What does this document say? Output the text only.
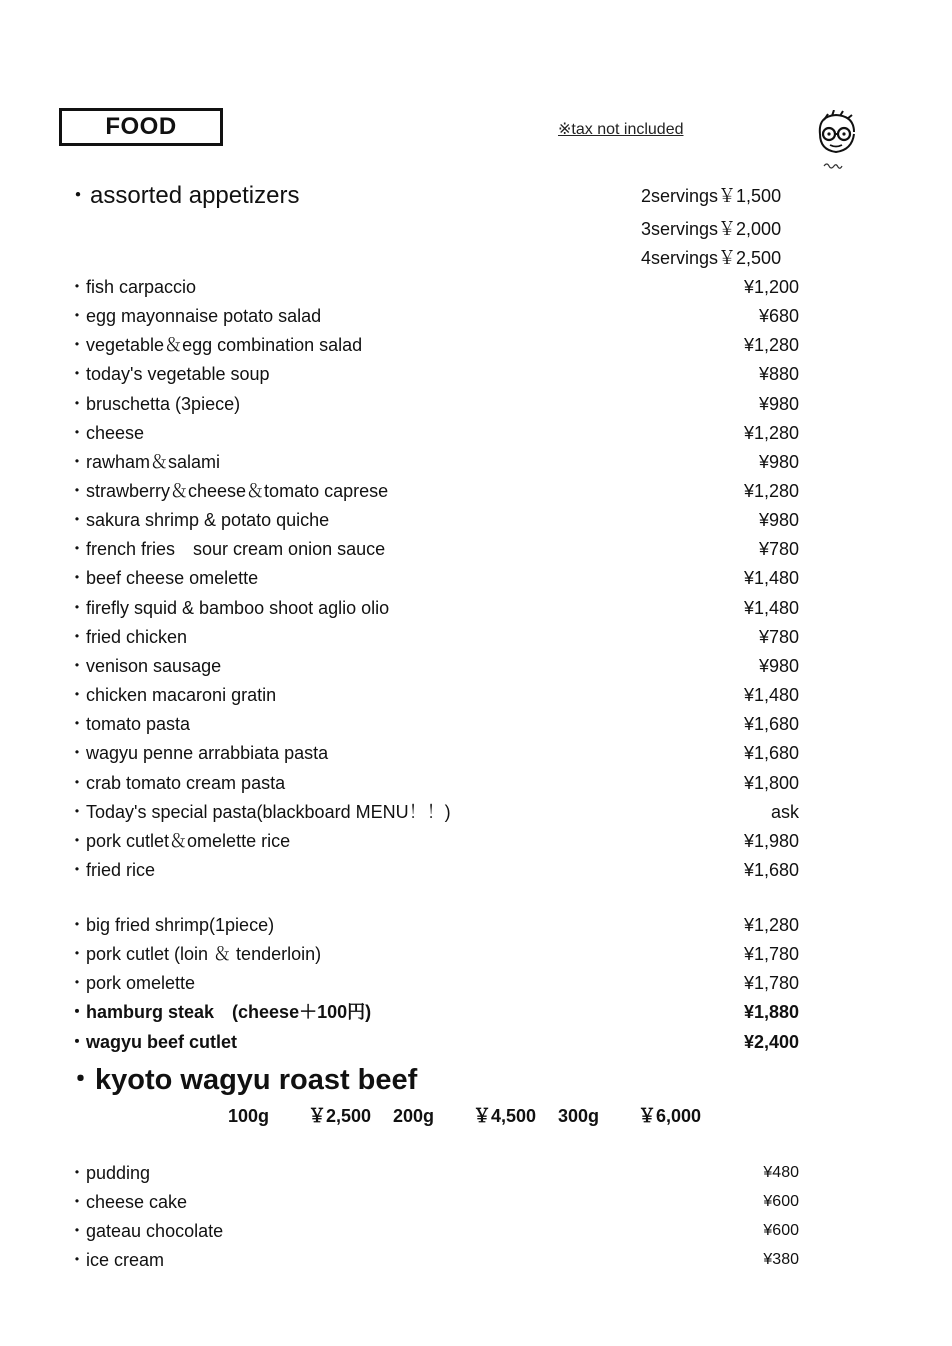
FOOD	※tax not included
・assorted appetizers	2servings￥1,500
3servings￥2,000
4servings￥2,500
・fish carpaccio	¥1,200
・egg mayonnaise potato salad	¥680
・vegetable＆egg combination salad	¥1,280
・today's vegetable soup	¥880
・bruschetta (3piece)	¥980
・cheese	¥1,280
・rawham＆salami	¥980
・strawberry＆cheese＆tomato caprese	¥1,280
・sakura shrimp & potato quiche	¥980
・french fries　sour cream onion sauce	¥780
・beef cheese omelette	¥1,480
・firefly squid & bamboo shoot aglio olio	¥1,480
・fried chicken	¥780
・venison sausage	¥980
・chicken macaroni gratin	¥1,480
・tomato pasta	¥1,680
・wagyu penne arrabbiata pasta	¥1,680
・crab tomato cream pasta	¥1,800
・Today's special pasta(blackboard MENU！！)	ask
・pork cutlet＆omelette rice	¥1,980
・fried rice	¥1,680
・big fried shrimp(1piece)	¥1,280
・pork cutlet (loin ＆ tenderloin)	¥1,780
・pork omelette	¥1,780
・hamburg steak　(cheese＋100円)	¥1,880
・wagyu beef cutlet	¥2,400
・kyoto wagyu roast beef
100g ￥2,500 200g ￥4,500 300g ￥6,000
・pudding	¥480
・cheese cake	¥600
・gateau chocolate	¥600
・ice cream	¥380
